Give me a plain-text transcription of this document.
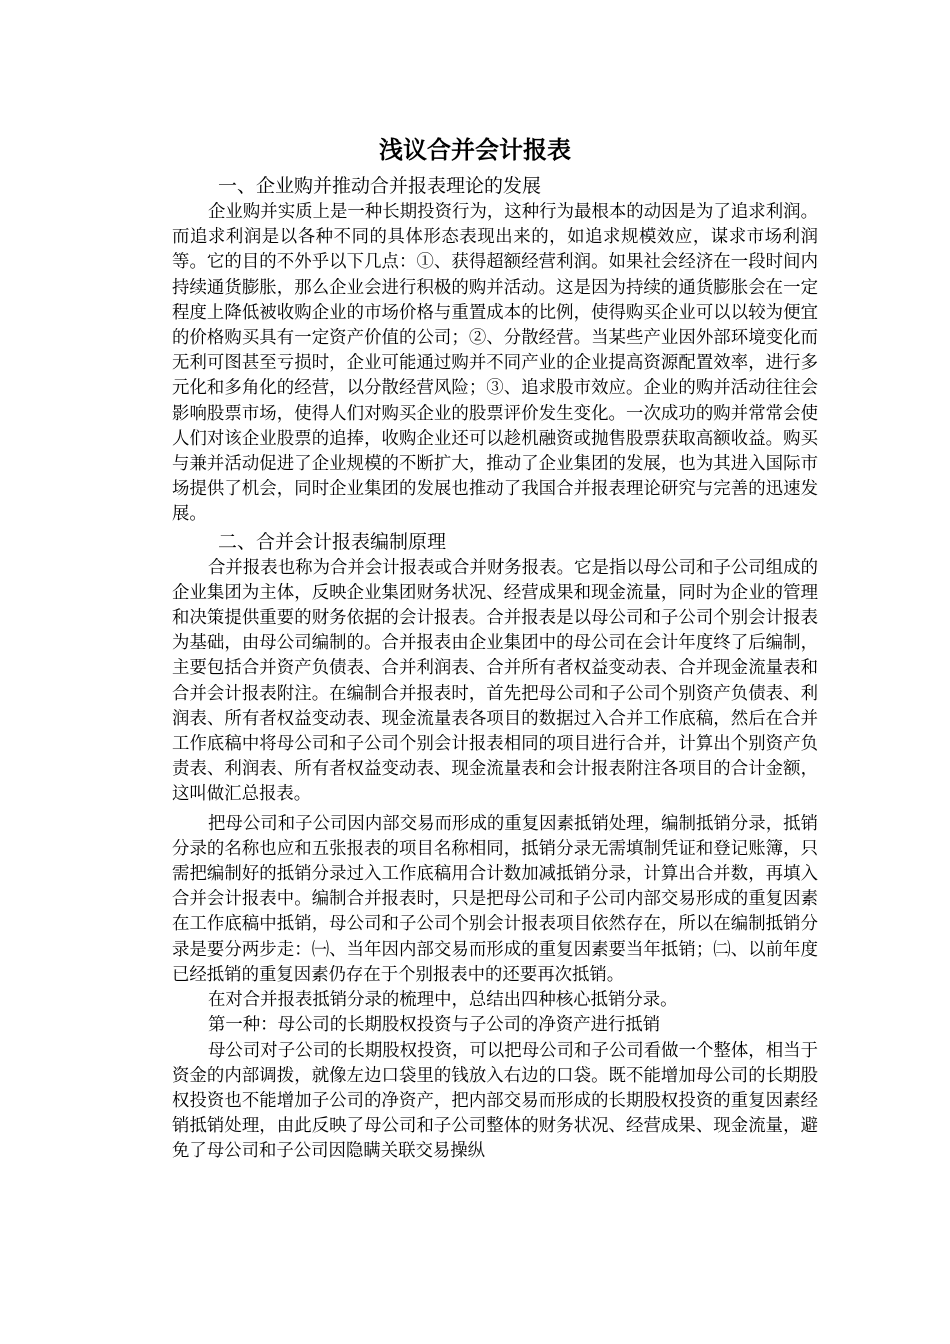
浅议合并会计报表

一、企业购并推动合并报表理论的发展

企业购并实质上是一种长期投资行为，这种行为最根本的动因是为了追求利润。而追求利润是以各种不同的具体形态表现出来的，如追求规模效应，谋求市场利润等。它的目的不外乎以下几点：①、获得超额经营利润。如果社会经济在一段时间内持续通货膨胀，那么企业会进行积极的购并活动。这是因为持续的通货膨胀会在一定程度上降低被收购企业的市场价格与重置成本的比例，使得购买企业可以以较为便宜的价格购买具有一定资产价值的公司；②、分散经营。当某些产业因外部环境变化而无利可图甚至亏损时，企业可能通过购并不同产业的企业提高资源配置效率，进行多元化和多角化的经营，以分散经营风险；③、追求股市效应。企业的购并活动往往会影响股票市场，使得人们对购买企业的股票评价发生变化。一次成功的购并常常会使人们对该企业股票的追捧，收购企业还可以趁机融资或抛售股票获取高额收益。购买与兼并活动促进了企业规模的不断扩大，推动了企业集团的发展，也为其进入国际市场提供了机会，同时企业集团的发展也推动了我国合并报表理论研究与完善的迅速发展。

二、合并会计报表编制原理

合并报表也称为合并会计报表或合并财务报表。它是指以母公司和子公司组成的企业集团为主体，反映企业集团财务状况、经营成果和现金流量，同时为企业的管理和决策提供重要的财务依据的会计报表。合并报表是以母公司和子公司个别会计报表为基础，由母公司编制的。合并报表由企业集团中的母公司在会计年度终了后编制，主要包括合并资产负债表、合并利润表、合并所有者权益变动表、合并现金流量表和合并会计报表附注。在编制合并报表时，首先把母公司和子公司个别资产负债表、利润表、所有者权益变动表、现金流量表各项目的数据过入合并工作底稿，然后在合并工作底稿中将母公司和子公司个别会计报表相同的项目进行合并，计算出个别资产负责表、利润表、所有者权益变动表、现金流量表和会计报表附注各项目的合计金额，这叫做汇总报表。

把母公司和子公司因内部交易而形成的重复因素抵销处理，编制抵销分录，抵销分录的名称也应和五张报表的项目名称相同，抵销分录无需填制凭证和登记账簿，只需把编制好的抵销分录过入工作底稿用合计数加减抵销分录，计算出合并数，再填入合并会计报表中。编制合并报表时，只是把母公司和子公司内部交易形成的重复因素在工作底稿中抵销，母公司和子公司个别会计报表项目依然存在，所以在编制抵销分录是要分两步走：㈠、当年因内部交易而形成的重复因素要当年抵销；㈡、以前年度已经抵销的重复因素仍存在于个别报表中的还要再次抵销。

在对合并报表抵销分录的梳理中，总结出四种核心抵销分录。

第一种：母公司的长期股权投资与子公司的净资产进行抵销

母公司对子公司的长期股权投资，可以把母公司和子公司看做一个整体，相当于资金的内部调拨，就像左边口袋里的钱放入右边的口袋。既不能增加母公司的长期股权投资也不能增加子公司的净资产，把内部交易而形成的长期股权投资的重复因素经销抵销处理，由此反映了母公司和子公司整体的财务状况、经营成果、现金流量，避免了母公司和子公司因隐瞒关联交易操纵
